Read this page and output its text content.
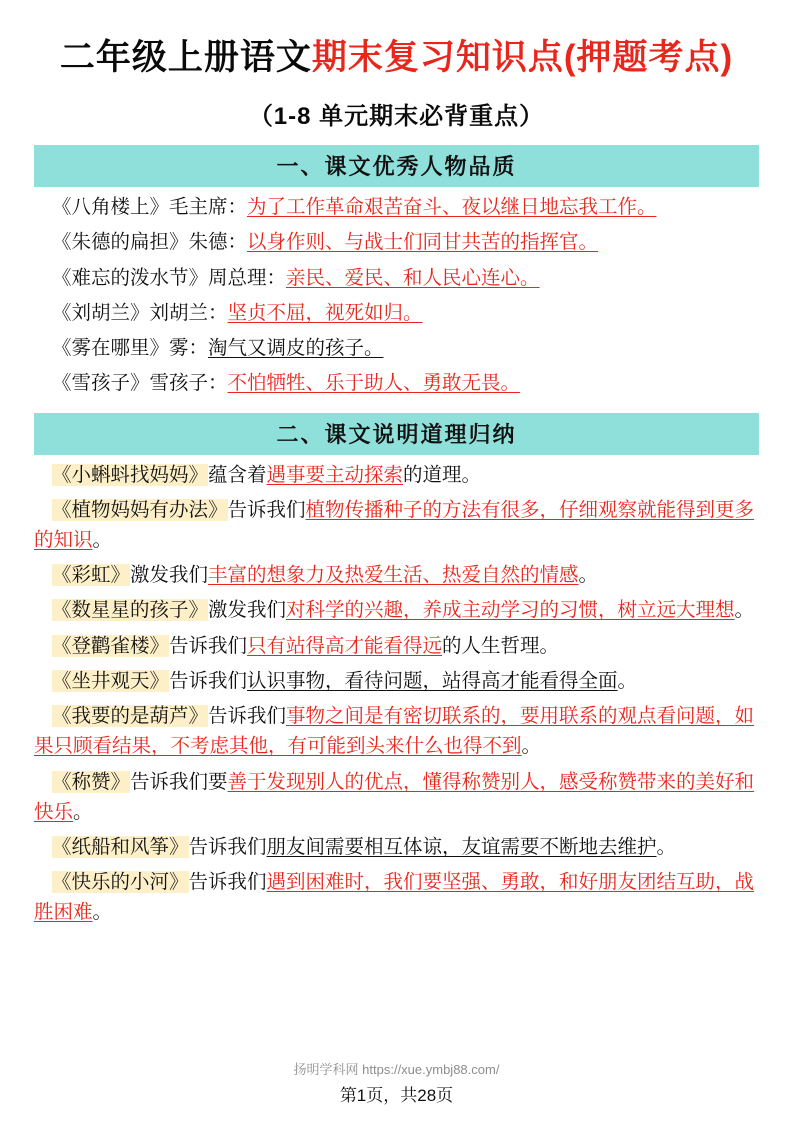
二年级上册语文期末复习知识点(押题考点)
（1-8 单元期末必背重点）
一、课文优秀人物品质
《八角楼上》毛主席：为了工作革命艰苦奋斗、夜以继日地忘我工作。
《朱德的扁担》朱德：以身作则、与战士们同甘共苦的指挥官。
《难忘的泼水节》周总理：亲民、爱民、和人民心连心。
《刘胡兰》刘胡兰：坚贞不屈，视死如归。
《雾在哪里》雾：淘气又调皮的孩子。
《雪孩子》雪孩子：不怕牺牲、乐于助人、勇敢无畏。
二、课文说明道理归纳
《小蝌蚪找妈妈》蕴含着遇事要主动探索的道理。
《植物妈妈有办法》告诉我们植物传播种子的方法有很多，仔细观察就能得到更多的知识。
《彩虹》激发我们丰富的想象力及热爱生活、热爱自然的情感。
《数星星的孩子》激发我们对科学的兴趣，养成主动学习的习惯，树立远大理想。
《登鹳雀楼》告诉我们只有站得高才能看得远的人生哲理。
《坐井观天》告诉我们认识事物，看待问题，站得高才能看得全面。
《我要的是葫芦》告诉我们事物之间是有密切联系的，要用联系的观点看问题，如果只顾看结果，不考虑其他，有可能到头来什么也得不到。
《称赞》告诉我们要善于发现别人的优点，懂得称赞别人，感受称赞带来的美好和快乐。
《纸船和风筝》告诉我们朋友间需要相互体谅，友谊需要不断地去维护。
《快乐的小河》告诉我们遇到困难时，我们要坚强、勇敢，和好朋友团结互助，战胜困难。
扬明学科网 https://xue.ymbj88.com/
第1页，共28页
